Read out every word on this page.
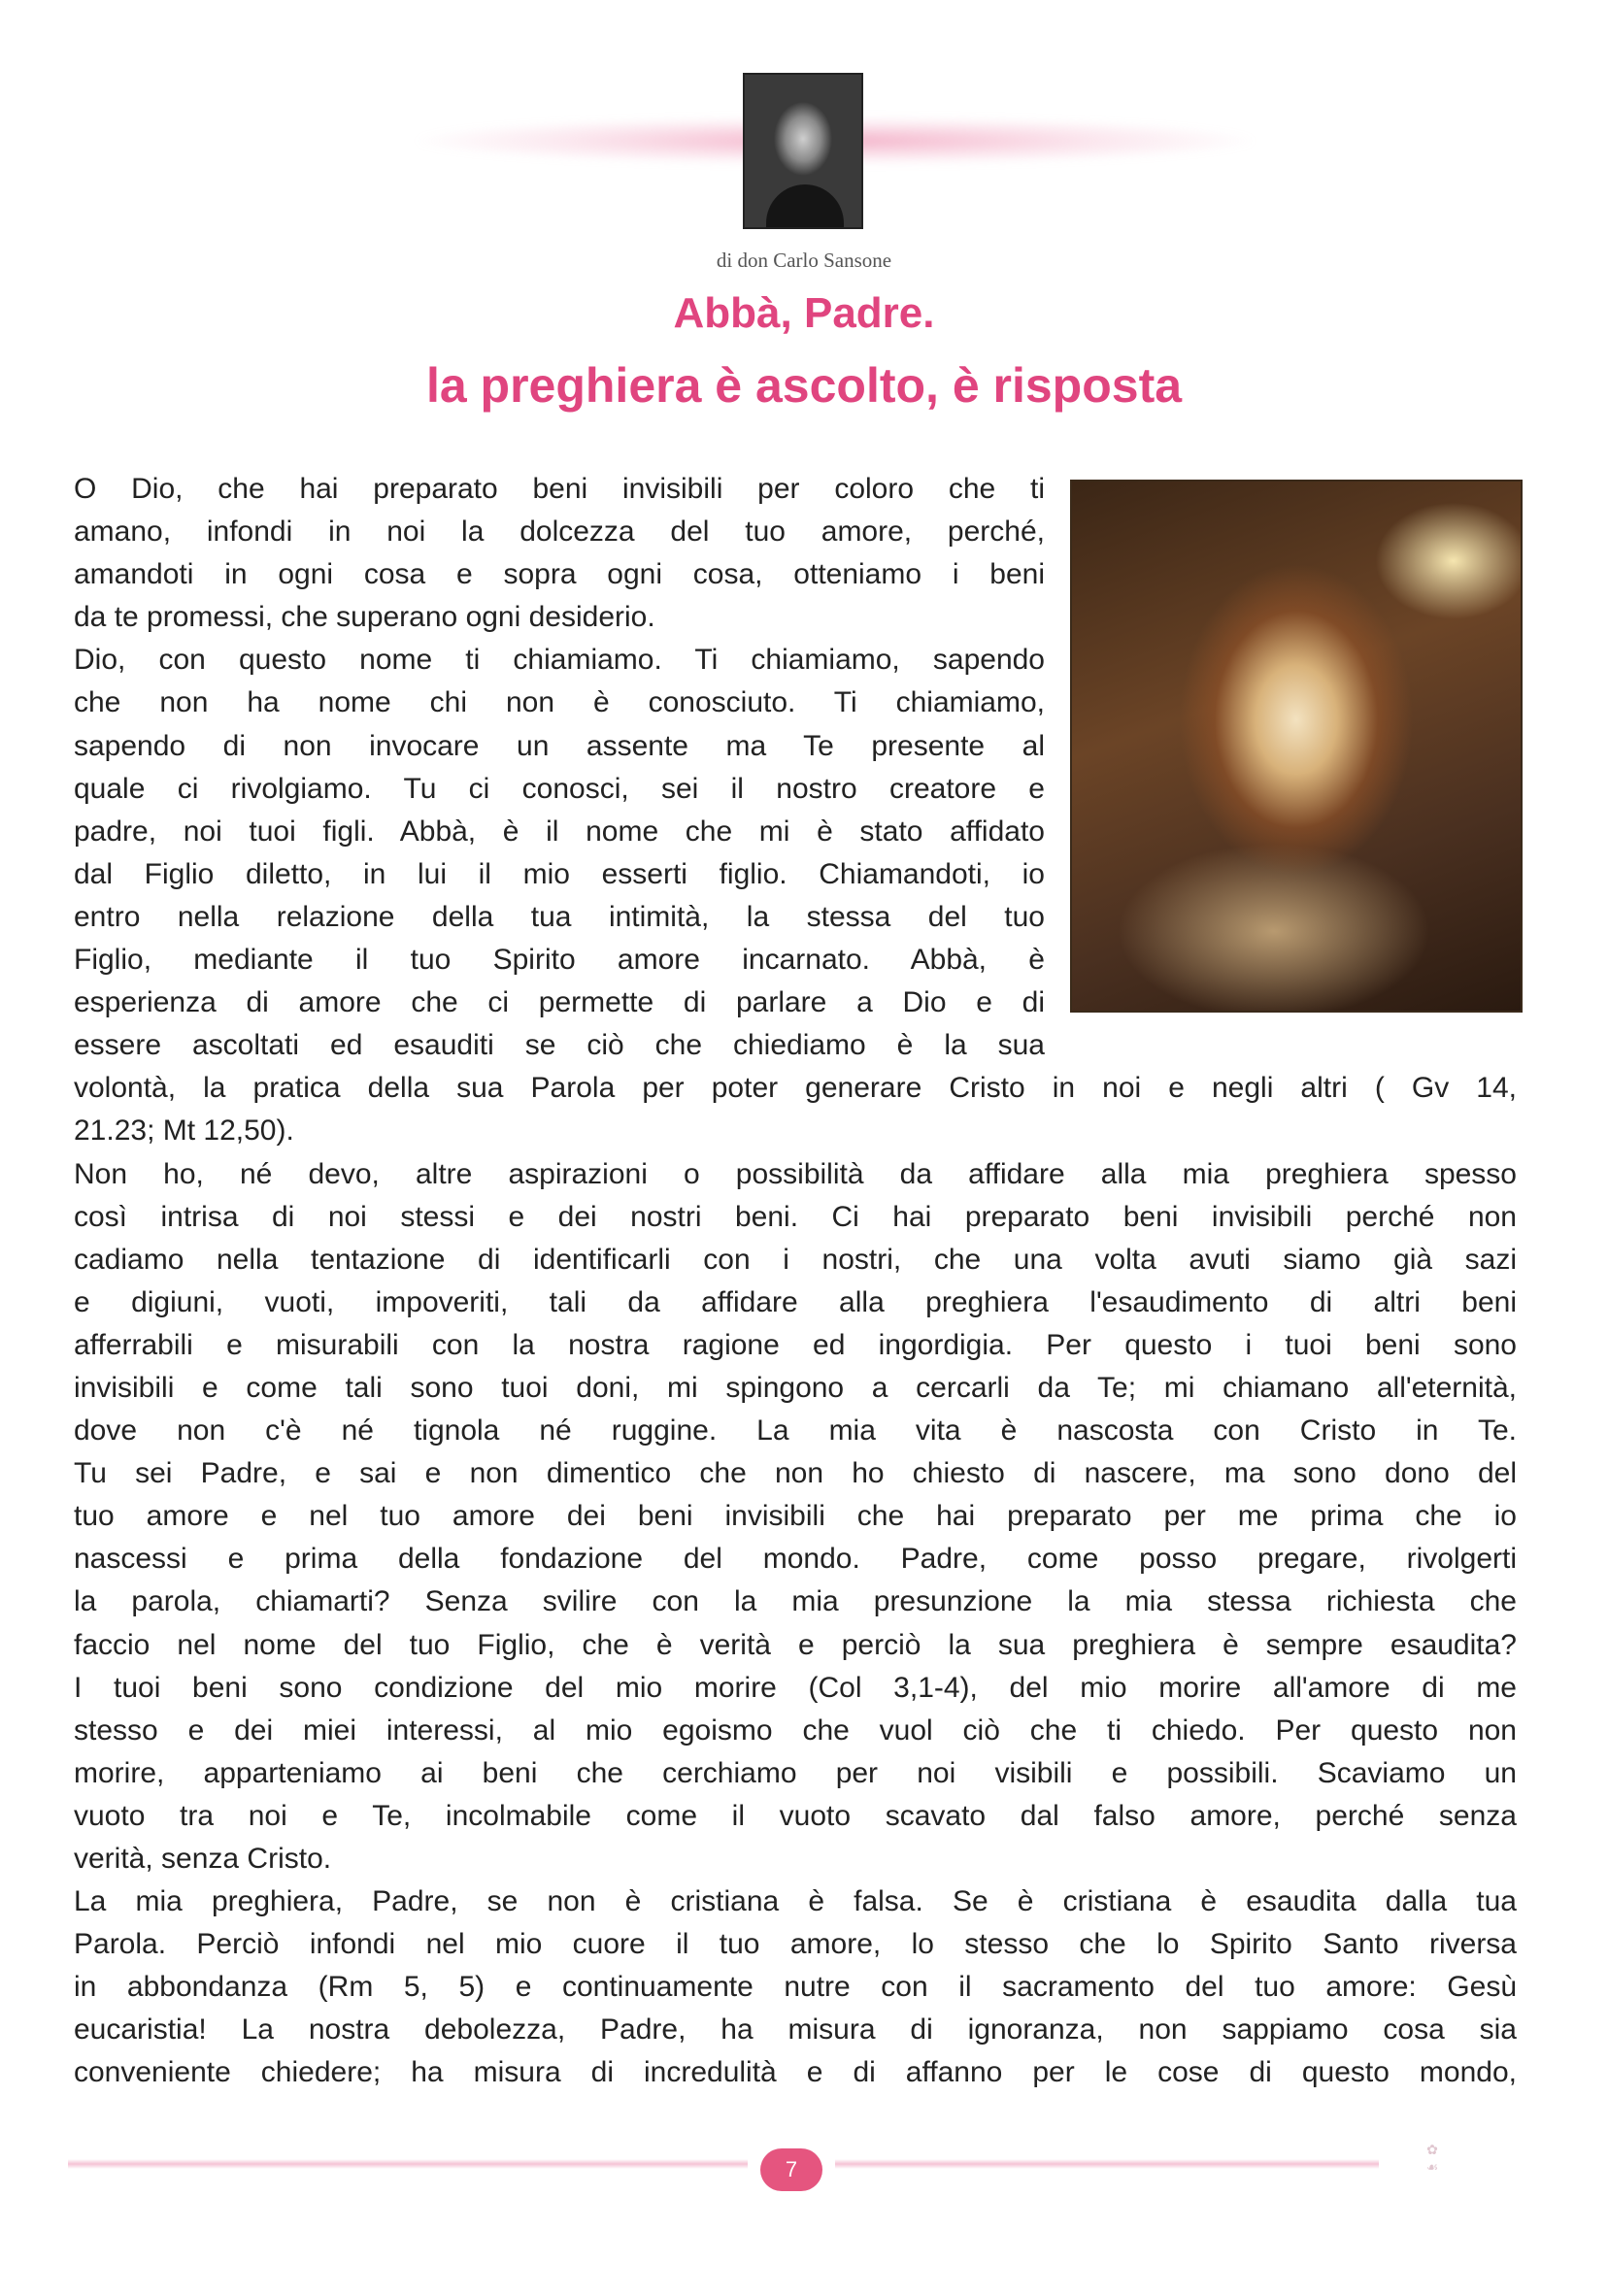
di don Carlo Sansone
Abbà, Padre.
la preghiera è ascolto, è risposta
O Dio, che hai preparato beni invisibili per coloro che ti
amano, infondi in noi la dolcezza del tuo amore, perché,
amandoti in ogni cosa e sopra ogni cosa, otteniamo i beni
da te promessi, che superano ogni desiderio.
Dio, con questo nome ti chiamiamo. Ti chiamiamo, sapendo
che non ha nome chi non è conosciuto. Ti chiamiamo,
sapendo di non invocare un assente ma Te presente al
quale ci rivolgiamo. Tu ci conosci, sei il nostro creatore e
padre, noi tuoi figli. Abbà, è il nome che mi è stato affidato
dal Figlio diletto, in lui il mio esserti figlio. Chiamandoti, io
entro nella relazione della tua intimità, la stessa del tuo
Figlio, mediante il tuo Spirito amore incarnato. Abbà, è
esperienza di amore che ci permette di parlare a Dio e di
essere ascoltati ed esauditi se ciò che chiediamo è la sua
volontà, la pratica della sua Parola per poter generare Cristo in noi e negli altri ( Gv 14,
21.23; Mt 12,50).
Non ho, né devo, altre aspirazioni o possibilità da affidare alla mia preghiera spesso
così intrisa di noi stessi e dei nostri beni. Ci hai preparato beni invisibili perché non
cadiamo nella tentazione di identificarli con i nostri, che una volta avuti siamo già sazi
e digiuni, vuoti, impoveriti, tali da affidare alla preghiera l'esaudimento di altri beni
afferrabili e misurabili con la nostra ragione ed ingordigia. Per questo i tuoi beni sono
invisibili e come tali sono tuoi doni, mi spingono a cercarli da Te; mi chiamano all'eternità,
dove non c'è né tignola né ruggine. La mia vita è nascosta con Cristo in Te.
Tu sei Padre, e sai e non dimentico che non ho chiesto di nascere, ma sono dono del
tuo amore e nel tuo amore dei beni invisibili che hai preparato per me prima che io
nascessi e prima della fondazione del mondo. Padre, come posso pregare, rivolgerti
la parola, chiamarti? Senza svilire con la mia presunzione la mia stessa richiesta che
faccio nel nome del tuo Figlio, che è verità e perciò la sua preghiera è sempre esaudita?
I tuoi beni sono condizione del mio morire (Col 3,1-4), del mio morire all'amore di me
stesso e dei miei interessi, al mio egoismo che vuol ciò che ti chiedo. Per questo non
morire, apparteniamo ai beni che cerchiamo per noi visibili e possibili. Scaviamo un
vuoto tra noi e Te, incolmabile come il vuoto scavato dal falso amore, perché senza
verità, senza Cristo.
La mia preghiera, Padre, se non è cristiana è falsa. Se è cristiana è esaudita dalla tua
Parola. Perciò infondi nel mio cuore il tuo amore, lo stesso che lo Spirito Santo riversa
in abbondanza (Rm 5, 5) e continuamente nutre con il sacramento del tuo amore: Gesù
eucaristia! La nostra debolezza, Padre, ha misura di ignoranza, non sappiamo cosa sia
conveniente chiedere; ha misura di incredulità e di affanno per le cose di questo mondo,
7
✿
☙
